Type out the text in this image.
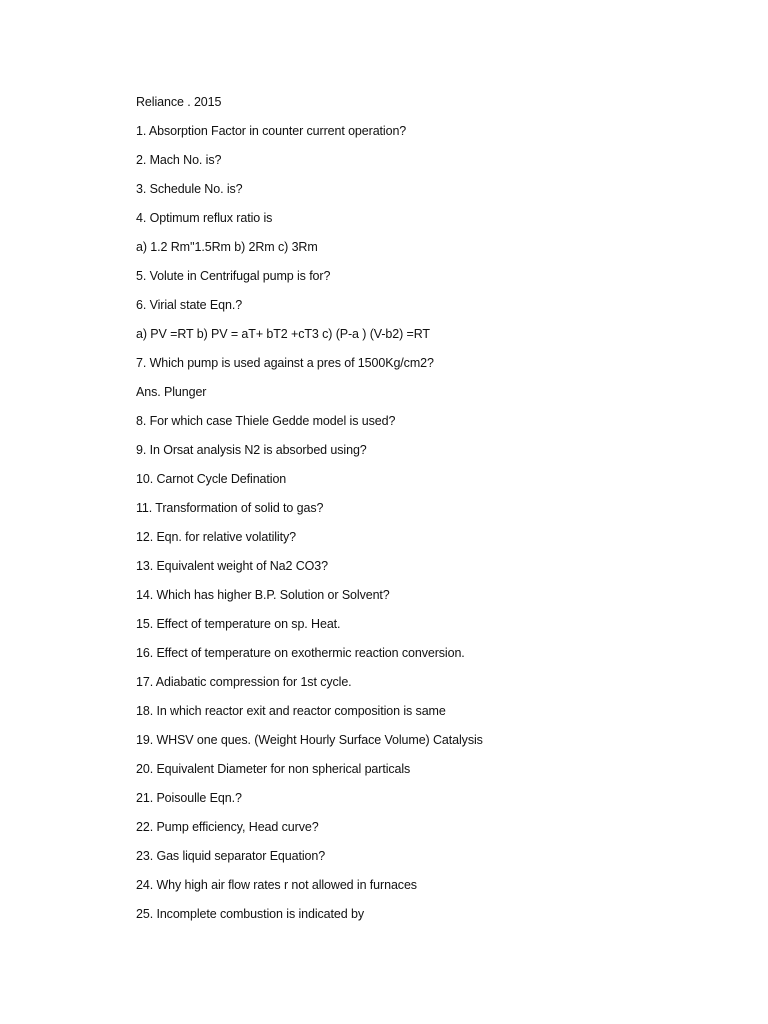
Reliance . 2015
1. Absorption Factor in counter current operation?
2. Mach No. is?
3. Schedule No. is?
4. Optimum reflux ratio is
a) 1.2 Rm''1.5Rm b) 2Rm c) 3Rm
5. Volute in Centrifugal pump is for?
6. Virial state Eqn.?
a) PV =RT b) PV = aT+ bT2 +cT3 c) (P-a ) (V-b2) =RT
7. Which pump is used against a pres of 1500Kg/cm2?
Ans. Plunger
8. For which case Thiele Gedde model is used?
9. In Orsat analysis N2 is absorbed using?
10. Carnot Cycle Defination
11. Transformation of solid to gas?
12. Eqn. for relative volatility?
13. Equivalent weight of Na2 CO3?
14. Which has higher B.P. Solution or Solvent?
15. Effect of temperature on sp. Heat.
16. Effect of temperature on exothermic reaction conversion.
17. Adiabatic compression for 1st cycle.
18. In which reactor exit and reactor composition is same
19. WHSV one ques. (Weight Hourly Surface Volume) Catalysis
20. Equivalent Diameter for non spherical particals
21. Poisoulle Eqn.?
22. Pump efficiency, Head curve?
23. Gas liquid separator Equation?
24. Why high air flow rates r not allowed in furnaces
25. Incomplete combustion is indicated by
